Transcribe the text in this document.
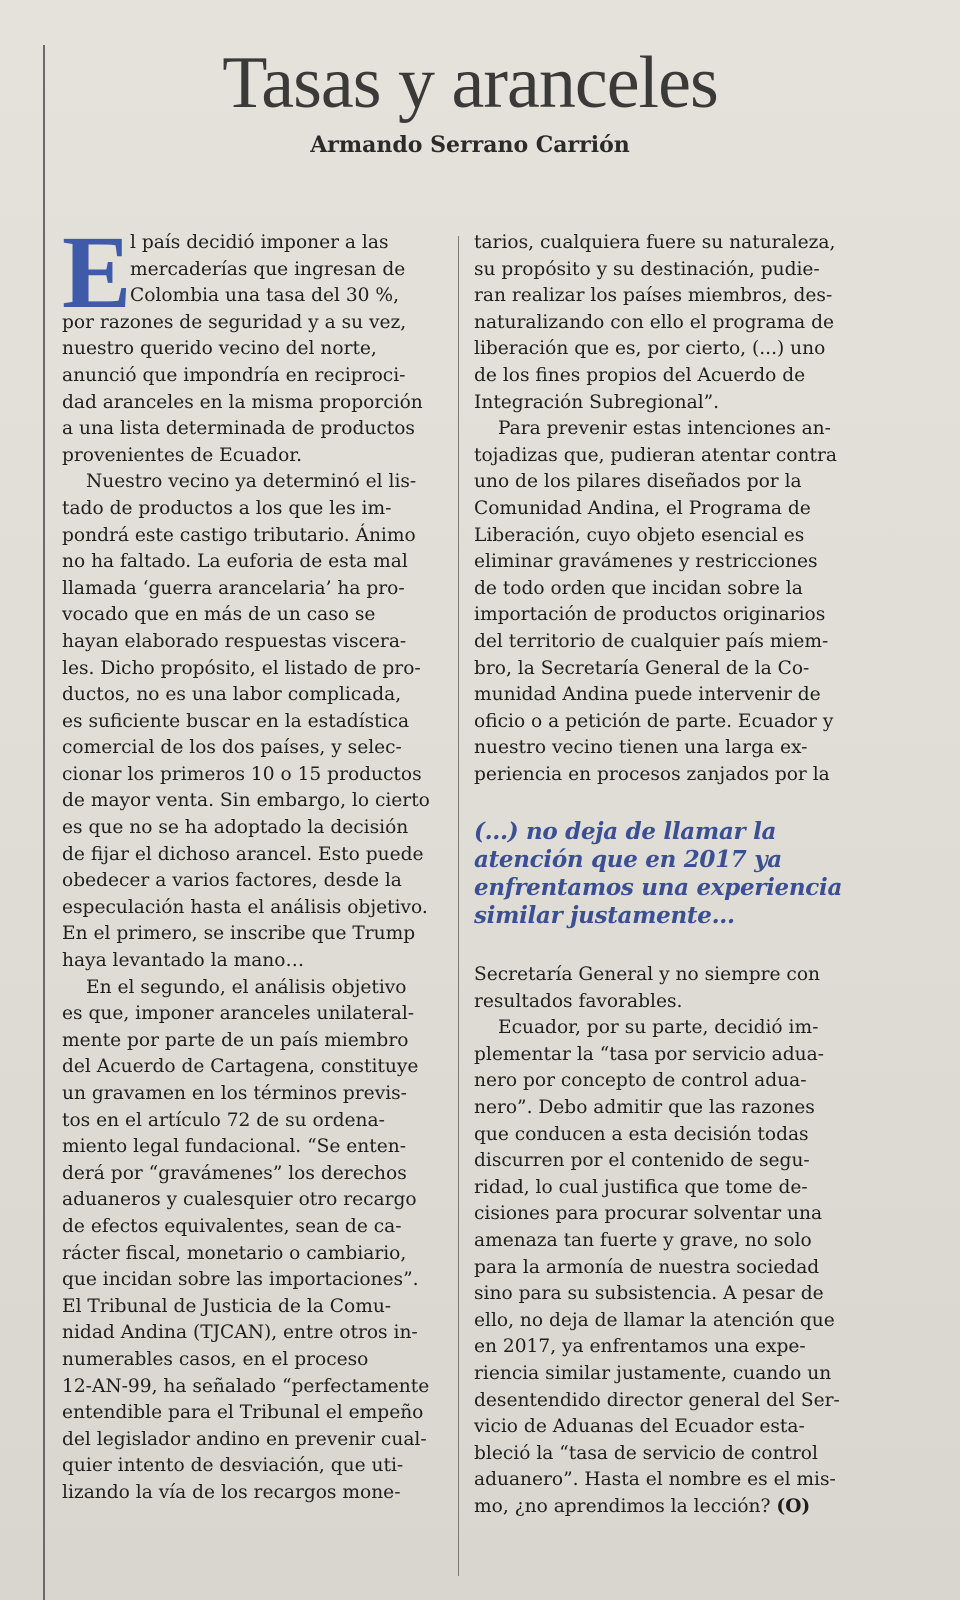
Tasas y aranceles
Armando Serrano Carrión
E
l país decidió imponer a las
mercaderías que ingresan de
Colombia una tasa del 30 %,
por razones de seguridad y a su vez,
nuestro querido vecino del norte,
anunció que impondría en reciproci-
dad aranceles en la misma proporción
a una lista determinada de productos
provenientes de Ecuador.
Nuestro vecino ya determinó el lis-
tado de productos a los que les im-
pondrá este castigo tributario. Ánimo
no ha faltado. La euforia de esta mal
llamada ‘guerra arancelaria’ ha pro-
vocado que en más de un caso se
hayan elaborado respuestas viscera-
les. Dicho propósito, el listado de pro-
ductos, no es una labor complicada,
es suficiente buscar en la estadística
comercial de los dos países, y selec-
cionar los primeros 10 o 15 productos
de mayor venta. Sin embargo, lo cierto
es que no se ha adoptado la decisión
de fijar el dichoso arancel. Esto puede
obedecer a varios factores, desde la
especulación hasta el análisis objetivo.
En el primero, se inscribe que Trump
haya levantado la mano…
En el segundo, el análisis objetivo
es que, imponer aranceles unilateral-
mente por parte de un país miembro
del Acuerdo de Cartagena, constituye
un gravamen en los términos previs-
tos en el artículo 72 de su ordena-
miento legal fundacional. “Se enten-
derá por “gravámenes” los derechos
aduaneros y cualesquier otro recargo
de efectos equivalentes, sean de ca-
rácter fiscal, monetario o cambiario,
que incidan sobre las importaciones”.
El Tribunal de Justicia de la Comu-
nidad Andina (TJCAN), entre otros in-
numerables casos, en el proceso
12-AN-99, ha señalado “perfectamente
entendible para el Tribunal el empeño
del legislador andino en prevenir cual-
quier intento de desviación, que uti-
lizando la vía de los recargos mone-
tarios, cualquiera fuere su naturaleza,
su propósito y su destinación, pudie-
ran realizar los países miembros, des-
naturalizando con ello el programa de
liberación que es, por cierto, (...) uno
de los fines propios del Acuerdo de
Integración Subregional”.
Para prevenir estas intenciones an-
tojadizas que, pudieran atentar contra
uno de los pilares diseñados por la
Comunidad Andina, el Programa de
Liberación, cuyo objeto esencial es
eliminar gravámenes y restricciones
de todo orden que incidan sobre la
importación de productos originarios
del territorio de cualquier país miem-
bro, la Secretaría General de la Co-
munidad Andina puede intervenir de
oficio o a petición de parte. Ecuador y
nuestro vecino tienen una larga ex-
periencia en procesos zanjados por la
(...) no deja de llamar la
atención que en 2017 ya
enfrentamos una experiencia
similar justamente...
Secretaría General y no siempre con
resultados favorables.
Ecuador, por su parte, decidió im-
plementar la “tasa por servicio adua-
nero por concepto de control adua-
nero”. Debo admitir que las razones
que conducen a esta decisión todas
discurren por el contenido de segu-
ridad, lo cual justifica que tome de-
cisiones para procurar solventar una
amenaza tan fuerte y grave, no solo
para la armonía de nuestra sociedad
sino para su subsistencia. A pesar de
ello, no deja de llamar la atención que
en 2017, ya enfrentamos una expe-
riencia similar justamente, cuando un
desentendido director general del Ser-
vicio de Aduanas del Ecuador esta-
bleció la “tasa de servicio de control
aduanero”. Hasta el nombre es el mis-
mo, ¿no aprendimos la lección? (O)
